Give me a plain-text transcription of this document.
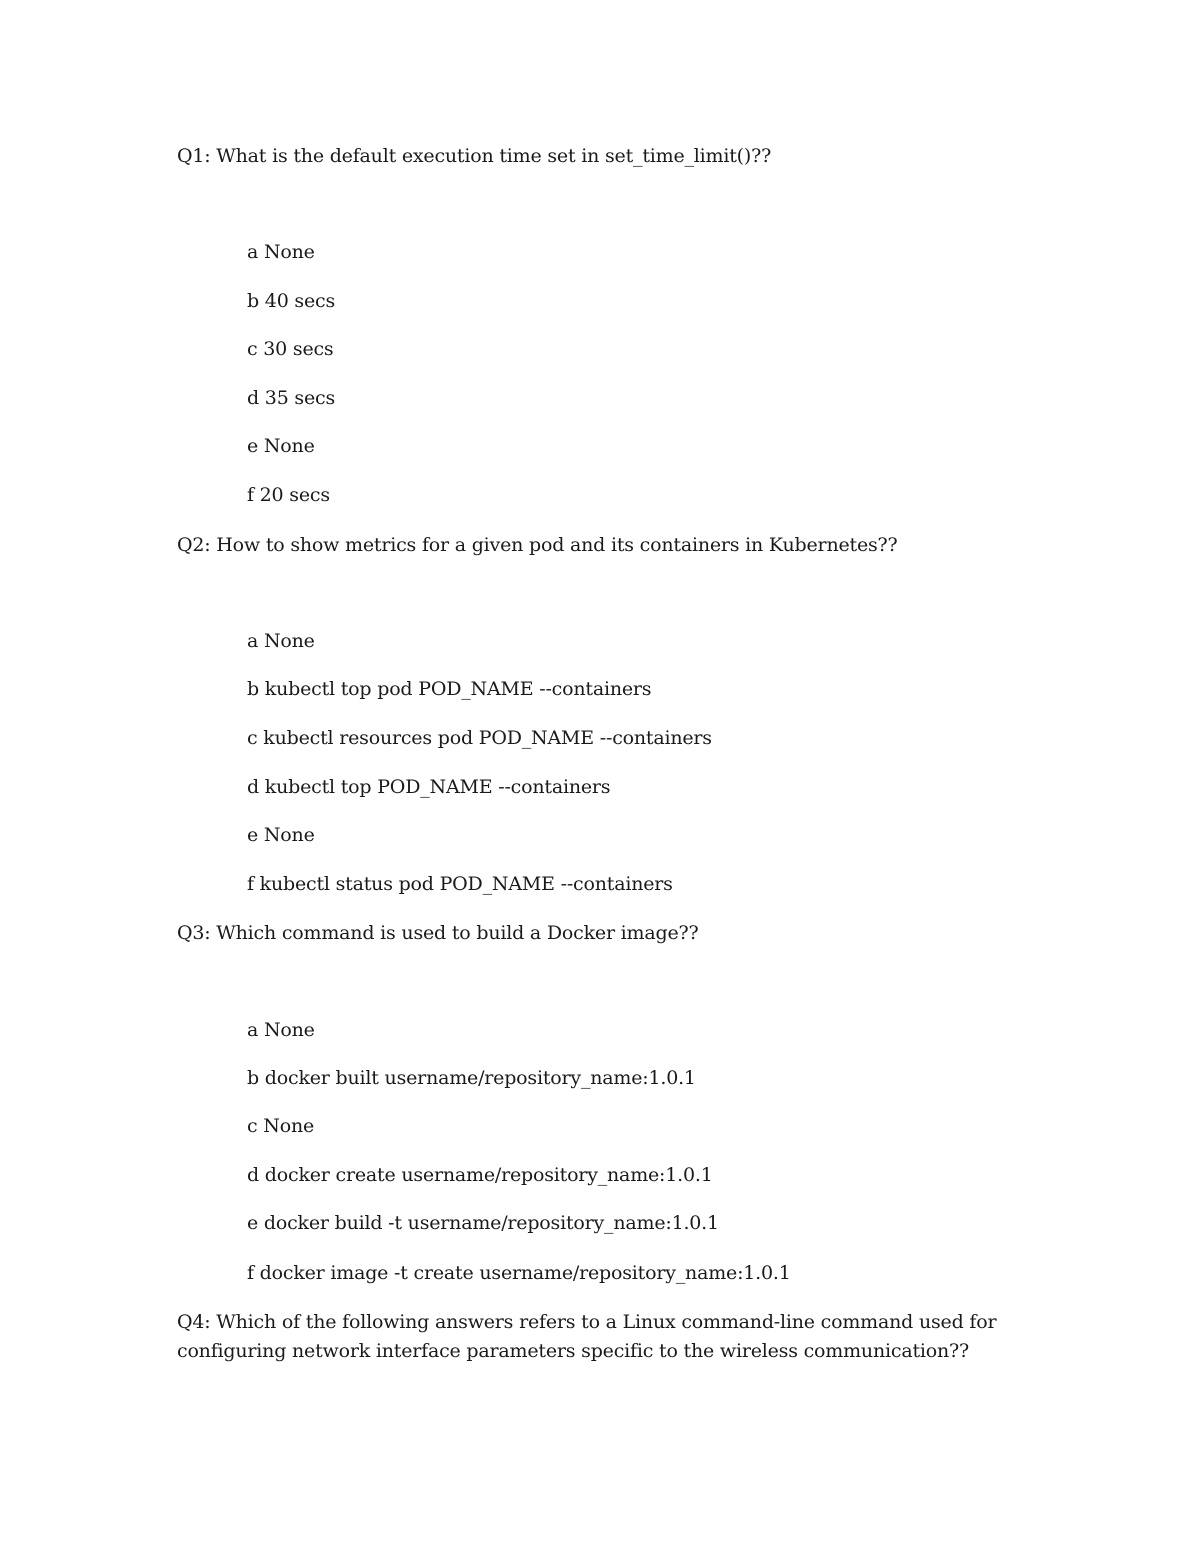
Q1: What is the default execution time set in set_time_limit()??
a None
b 40 secs
c 30 secs
d 35 secs
e None
f 20 secs
Q2: How to show metrics for a given pod and its containers in Kubernetes??
a None
b kubectl top pod POD_NAME --containers
c kubectl resources pod POD_NAME --containers
d kubectl top POD_NAME --containers
e None
f kubectl status pod POD_NAME --containers
Q3: Which command is used to build a Docker image??
a None
b docker built username/repository_name:1.0.1
c None
d docker create username/repository_name:1.0.1
e docker build -t username/repository_name:1.0.1
f docker image -t create username/repository_name:1.0.1
Q4: Which of the following answers refers to a Linux command-line command used for
configuring network interface parameters specific to the wireless communication??
